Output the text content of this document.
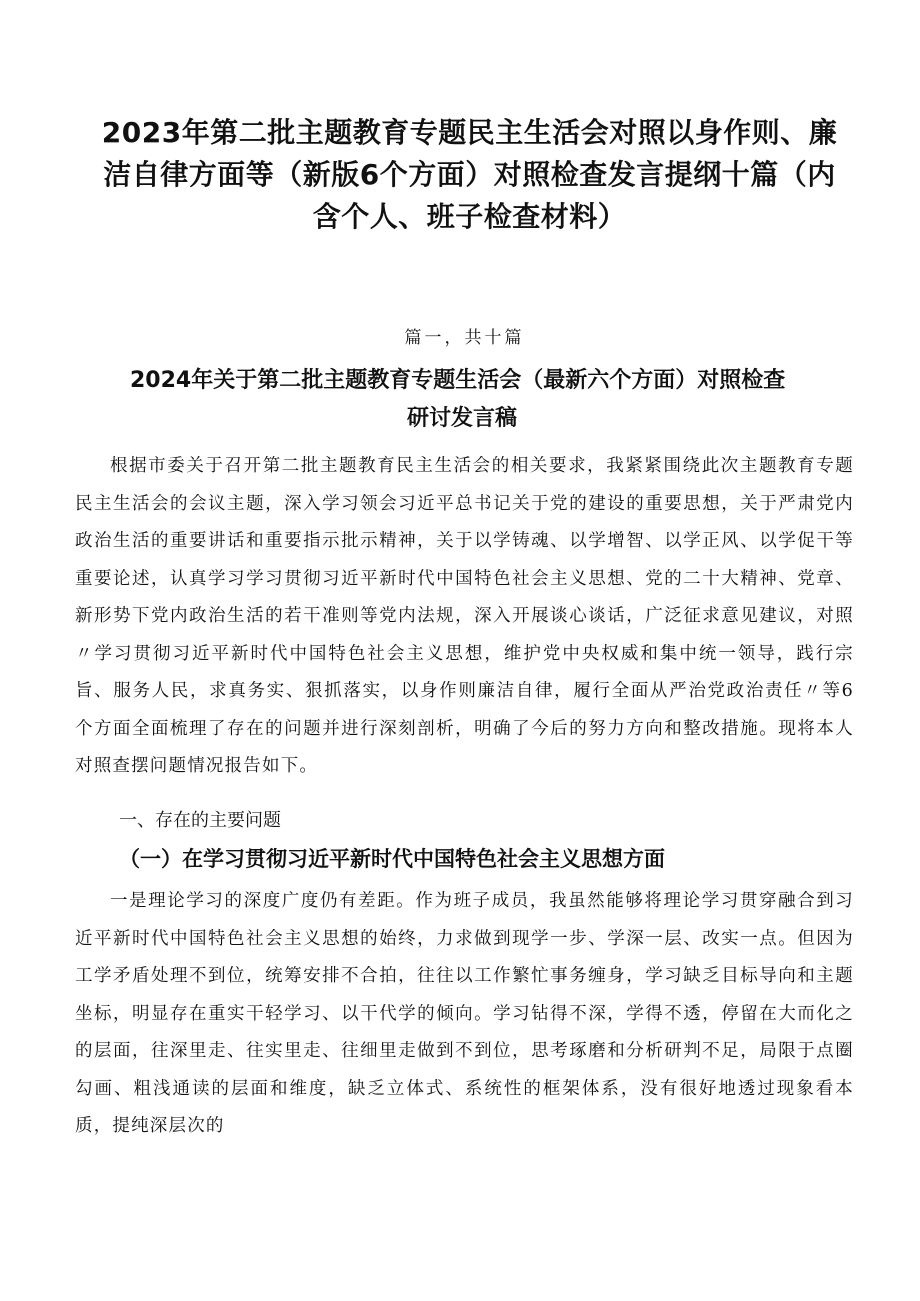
2023年第二批主题教育专题民主生活会对照以身作则、廉洁自律方面等（新版6个方面）对照检查发言提纲十篇（内含个人、班子检查材料）
篇一，共十篇
2024年关于第二批主题教育专题生活会（最新六个方面）对照检查
研讨发言稿

根据市委关于召开第二批主题教育民主生活会的相关要求，我紧紧围绕此次主题教育专题民主生活会的会议主题，深入学习领会习近平总书记关于党的建设的重要思想，关于严肃党内政治生活的重要讲话和重要指示批示精神，关于以学铸魂、以学增智、以学正风、以学促干等重要论述，认真学习学习贯彻习近平新时代中国特色社会主义思想、党的二十大精神、党章、新形势下党内政治生活的若干准则等党内法规，深入开展谈心谈话，广泛征求意见建议，对照〃学习贯彻习近平新时代中国特色社会主义思想，维护党中央权威和集中统一领导，践行宗旨、服务人民，求真务实、狠抓落实，以身作则廉洁自律，履行全面从严治党政治责任〃等6个方面全面梳理了存在的问题并进行深刻剖析，明确了今后的努力方向和整改措施。现将本人对照查摆问题情况报告如下。

一、存在的主要问题
（一）在学习贯彻习近平新时代中国特色社会主义思想方面

一是理论学习的深度广度仍有差距。作为班子成员，我虽然能够将理论学习贯穿融合到习近平新时代中国特色社会主义思想的始终，力求做到现学一步、学深一层、改实一点。但因为工学矛盾处理不到位，统筹安排不合拍，往往以工作繁忙事务缠身，学习缺乏目标导向和主题坐标，明显存在重实干轻学习、以干代学的倾向。学习钻得不深，学得不透，停留在大而化之的层面，往深里走、往实里走、往细里走做到不到位，思考琢磨和分析研判不足，局限于点圈勾画、粗浅通读的层面和维度，缺乏立体式、系统性的框架体系，没有很好地透过现象看本质，提纯深层次的
